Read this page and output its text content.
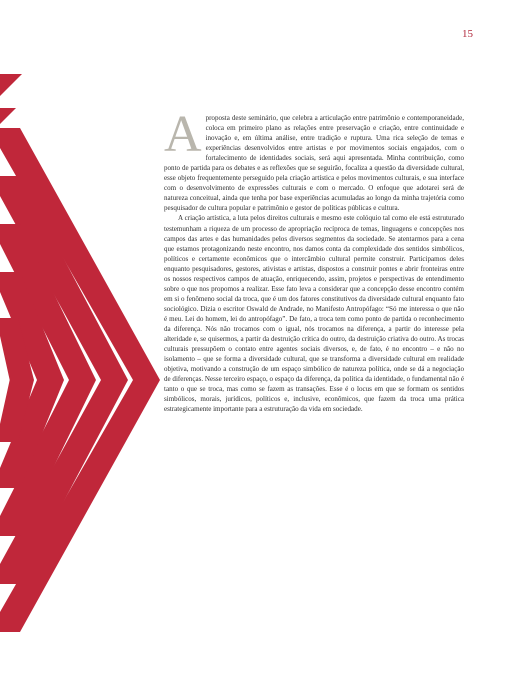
15

A proposta deste seminário, que celebra a articulação entre patrimônio e contemporaneidade, coloca em primeiro plano as relações entre preservação e criação, entre continuidade e inovação e, em última análise, entre tradição e ruptura. Uma rica seleção de temas e experiências desenvolvidos entre artistas e por movimentos sociais engajados, com o fortalecimento de identidades sociais, será aqui apresentada. Minha contribuição, como ponto de partida para os debates e as reflexões que se seguirão, focaliza a questão da diversidade cultural, esse objeto frequentemente perseguido pela criação artística e pelos movimentos culturais, e sua interface com o desenvolvimento de expressões culturais e com o mercado. O enfoque que adotarei será de natureza conceitual, ainda que tenha por base experiências acumuladas ao longo da minha trajetória como pesquisador de cultura popular e patrimônio e gestor de políticas públicas e cultura.

A criação artística, a luta pelos direitos culturais e mesmo este colóquio tal como ele está estruturado testemunham a riqueza de um processo de apropriação recíproca de temas, linguagens e concepções nos campos das artes e das humanidades pelos diversos segmentos da sociedade. Se atentarmos para a cena que estamos protagonizando neste encontro, nos damos conta da complexidade dos sentidos simbólicos, políticos e certamente econômicos que o intercâmbio cultural permite construir. Participamos deles enquanto pesquisadores, gestores, ativistas e artistas, dispostos a construir pontes e abrir fronteiras entre os nossos respectivos campos de atuação, enriquecendo, assim, projetos e perspectivas de entendimento sobre o que nos propomos a realizar. Esse fato leva a considerar que a concepção desse encontro contém em si o fenômeno social da troca, que é um dos fatores constitutivos da diversidade cultural enquanto fato sociológico. Dizia o escritor Oswald de Andrade, no Manifesto Antropófago: “Só me interessa o que não é meu. Lei do homem, lei do antropófago”. De fato, a troca tem como ponto de partida o reconhecimento da diferença. Nós não trocamos com o igual, nós trocamos na diferença, a partir do interesse pela alteridade e, se quisermos, a partir da destruição crítica do outro, da destruição criativa do outro. As trocas culturais pressupõem o contato entre agentes sociais diversos, e, de fato, é no encontro – e não no isolamento – que se forma a diversidade cultural, que se transforma a diversidade cultural em realidade objetiva, motivando a construção de um espaço simbólico de natureza política, onde se dá a negociação de diferenças. Nesse terceiro espaço, o espaço da diferença, da política da identidade, o fundamental não é tanto o que se troca, mas como se fazem as transações. Esse é o locus em que se formam os sentidos simbólicos, morais, jurídicos, políticos e, inclusive, econômicos, que fazem da troca uma prática estrategicamente importante para a estruturação da vida em sociedade.
